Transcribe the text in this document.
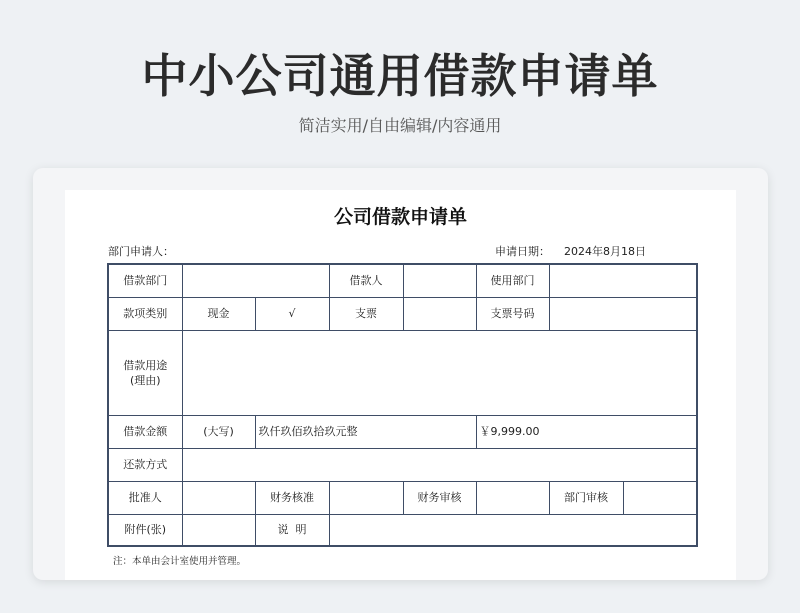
中小公司通用借款申请单
简洁实用/自由编辑/内容通用
公司借款申请单
部门申请人：	申请日期： 2024年8月18日
借款部门			借款人		使用部门		
款项类别	现金	√	支票		支票号码		
借款用途
(理由)							
借款金额	(大写)	玖仟玖佰玖拾玖元整			￥9,999.00		
还款方式							
批准人		财务核准		财务审核		部门审核	
附件(张)		说  明					
注：本单由会计室使用并管理。
